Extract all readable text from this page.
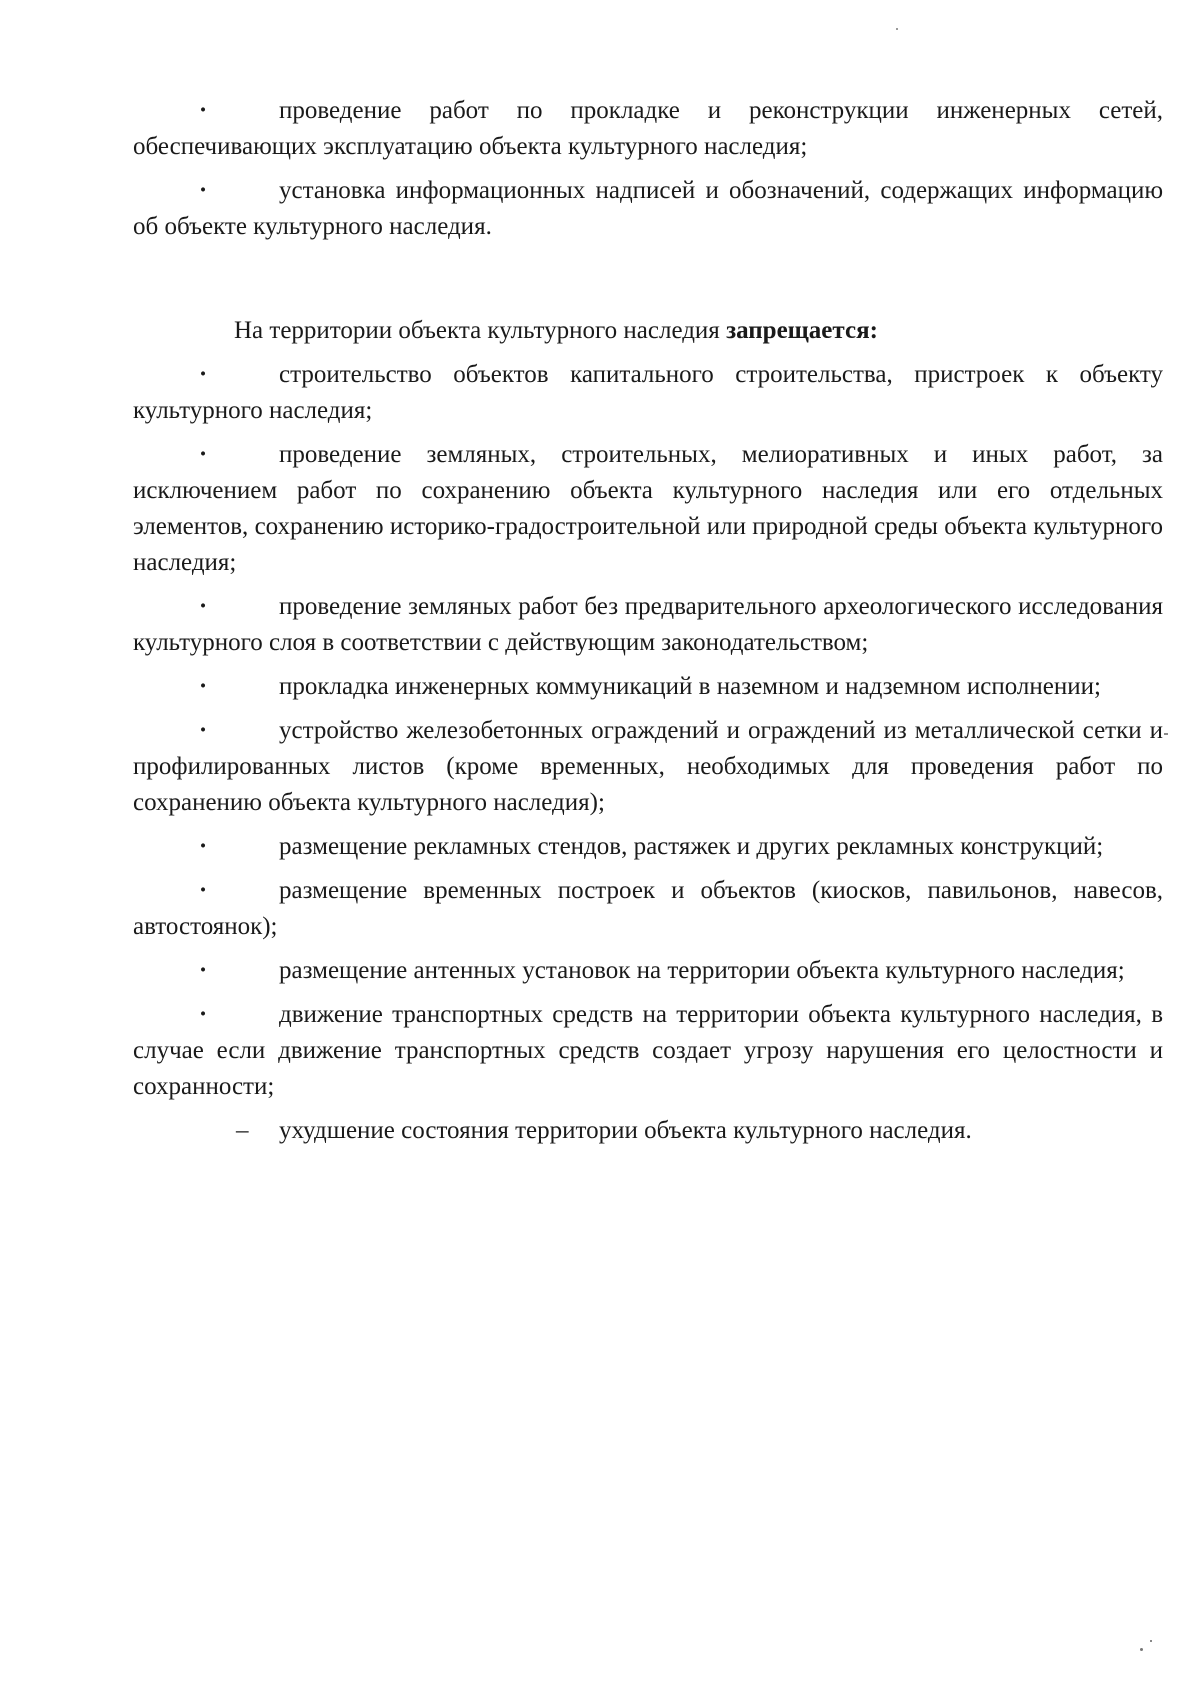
·	проведение работ по прокладке и реконструкции инженерных сетей, обеспечивающих эксплуатацию объекта культурного наследия;

·	установка информационных надписей и обозначений, содержащих информацию об объекте культурного наследия.

На территории объекта культурного наследия запрещается:

·	строительство объектов капитального строительства, пристроек к объекту культурного наследия;

·	проведение земляных, строительных, мелиоративных и иных работ, за исключением работ по сохранению объекта культурного наследия или его отдельных элементов, сохранению историко-градостроительной или природной среды объекта культурного наследия;

·	проведение земляных работ без предварительного археологического исследования культурного слоя в соответствии с действующим законодательством;

·	прокладка инженерных коммуникаций в наземном и надземном исполнении;

·	устройство железобетонных ограждений и ограждений из металлической сетки и профилированных листов (кроме временных, необходимых для проведения работ по сохранению объекта культурного наследия);

·	размещение рекламных стендов, растяжек и других рекламных конструкций;

·	размещение временных построек и объектов (киосков, павильонов, навесов, автостоянок);

·	размещение антенных установок на территории объекта культурного наследия;

·	движение транспортных средств на территории объекта культурного наследия, в случае если движение транспортных средств создает угрозу нарушения его целостности и сохранности;

– ухудшение состояния территории объекта культурного наследия.
